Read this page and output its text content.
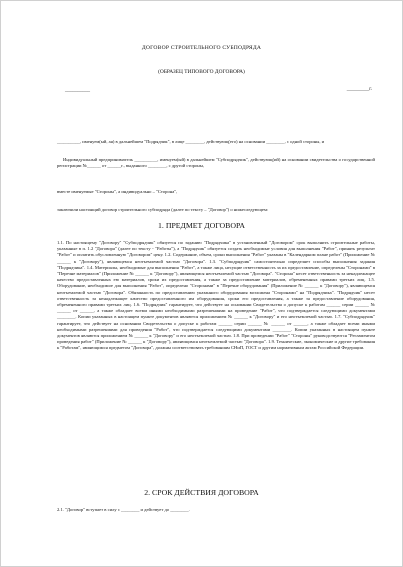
ДОГОВОР СТРОИТЕЛЬНОГО СУБПОДРЯДА
(ОБРАЗЕЦ ТИПОВОГО ДОГОВОРА)
__________	_________г.
__________, именуем(ый, ая) в дальнейшем "Подрядчик", в лице ________, действующ(его) на основании ________, с одной стороны, и
Индивидуальный предприниматель __________, именуем(ый) в дальнейшем "Субподрядчик", действующ(ий) на основании свидетельства о государственной регистрации №______ от ______г., выданного ________, с другой стороны,
вместе именуемые "Стороны", а индивидуально – "Сторона",
заключили настоящий договор строительного субподряда (далее по тексту – "Договор") о нижеследующем:
1. ПРЕДМЕТ ДОГОВОРА
1.1. По настоящему "Договору" "Субподрядчик" обязуется по заданию "Подрядчика" в установленный "Договором" срок выполнить строительные работы, указанные в п. 1.2 "Договора" (далее по тексту - "Работы"), а "Подрядчик" обязуется создать необходимые условия для выполнения "Работ", принять результат "Работ" и оплатить обусловленную "Договором" цену. 1.2. Содержание, объем, сроки выполнения "Работ" указаны в "Календарном плане работ" (Приложение № ______ к "Договору"), являющемся неотъемлемой частью "Договора". 1.3. "Субподрядчик" самостоятельно определяет способы выполнения задания "Подрядчика". 1.4. Материалы, необходимые для выполнения "Работ", а также лица, несущие ответственность за их предоставление, определены "Сторонами" в "Перечне материалов" (Приложение № ______ к "Договору"), являющемся неотъемлемой частью "Договора". "Сторона" несет ответственность за ненадлежащее качество предоставленных ею материалов, сроки их предоставления, а также за предоставление материалов, обремененных правами третьих лиц. 1.5. Оборудование, необходимое для выполнения "Работ", определено "Сторонами" в "Перечне оборудования" (Приложение № ______ к "Договору"), являющемся неотъемлемой частью "Договора". Обязанность по предоставлению указанного оборудования возложена "Сторонами" на "Подрядчика". "Подрядчик" несет ответственность за ненадлежащее качество предоставленного им оборудования, сроки его предоставления, а также за предоставление оборудования, обремененного правами третьих лиц. 1.6. "Подрядчик" гарантирует, что действует на основании Свидетельства о допуске к работам ______ серии ______ № ______ от ______, а также обладает всеми иными необходимыми разрешениями на проведение "Работ", что подтверждается следующими документами ________. Копии указанных в настоящем пункте документов являются приложением № ______ к "Договору" и его неотъемлемой частью. 1.7. "Субподрядчик" гарантирует, что действует на основании Свидетельства о допуске к работам ______ серии ______ № ______ от ______, а также обладает всеми иными необходимыми разрешениями для проведения "Работ", что подтверждается следующими документами ________. Копии указанных в настоящем пункте документов являются приложением № ______ к "Договору" и его неотъемлемой частью. 1.8. При проведении "Работ" "Стороны" руководствуются "Регламентом проведения работ" (Приложение № ______ к "Договору"), являющимся неотъемлемой частью "Договора". 1.9. Технические, экономические и другие требования к "Работам", являющимся предметом "Договора", должны соответствовать требованиям СНиП, ГОСТ и другим нормативным актам Российской Федерации.
2. СРОК ДЕЙСТВИЯ ДОГОВОРА
2.1. "Договор" вступает в силу с ________ и действует до ________.
